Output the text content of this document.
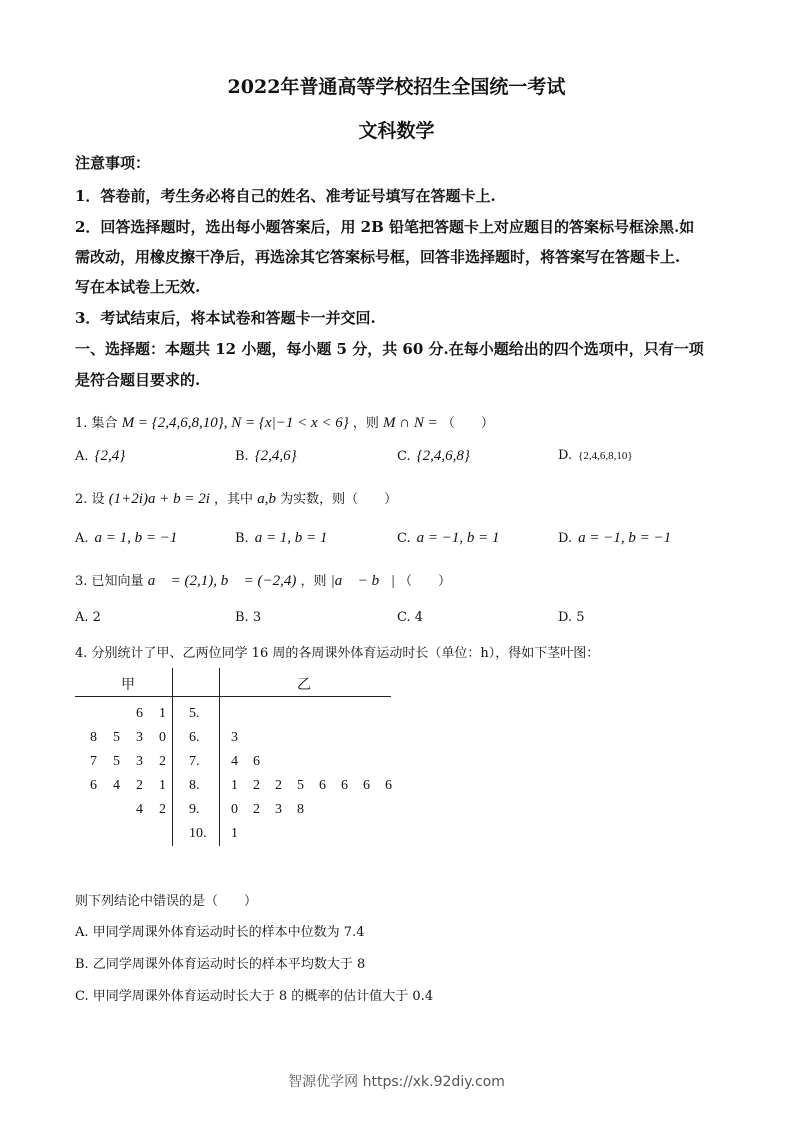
2022年普通高等学校招生全国统一考试
文科数学
注意事项：
1．答卷前，考生务必将自己的姓名、准考证号填写在答题卡上.
2．回答选择题时，选出每小题答案后，用 2B 铅笔把答题卡上对应题目的答案标号框涂黑.如
需改动，用橡皮擦干净后，再选涂其它答案标号框，回答非选择题时，将答案写在答题卡上.
写在本试卷上无效.
3．考试结束后，将本试卷和答题卡一并交回.
一、选择题：本题共 12 小题，每小题 5 分，共 60 分.在每小题给出的四个选项中，只有一项
是符合题目要求的.
1. 集合 M = {2,4,6,8,10}, N = {x|−1 < x < 6} ，则 M ∩ N = （　　）
A. {2,4}	B. {2,4,6}	C. {2,4,6,8}	D. {2,4,6,8,10}
2. 设 (1+2i)a + b = 2i ，其中 a,b 为实数，则（　　）
A. a = 1, b = −1	B. a = 1, b = 1	C. a = −1, b = 1	D. a = −1, b = −1
3. 已知向量 a⃗ = (2,1), b⃗ = (−2,4) ，则 |a⃗ − b⃗| （　　）
A. 2	B. 3	C. 4	D. 5
4. 分别统计了甲、乙两位同学 16 周的各周课外体育运动时长（单位：h），得如下茎叶图：
甲	乙
6 1 5.
8 5 3 0 6. 3
7 5 3 2 7. 4 6
6 4 2 1 8. 1 2 2 5 6 6 6 6
4 2 9. 0 2 3 8
10. 1
则下列结论中错误的是（　　）
A. 甲同学周课外体育运动时长的样本中位数为 7.4
B. 乙同学周课外体育运动时长的样本平均数大于 8
C. 甲同学周课外体育运动时长大于 8 的概率的估计值大于 0.4
智源优学网 https://xk.92diy.com
